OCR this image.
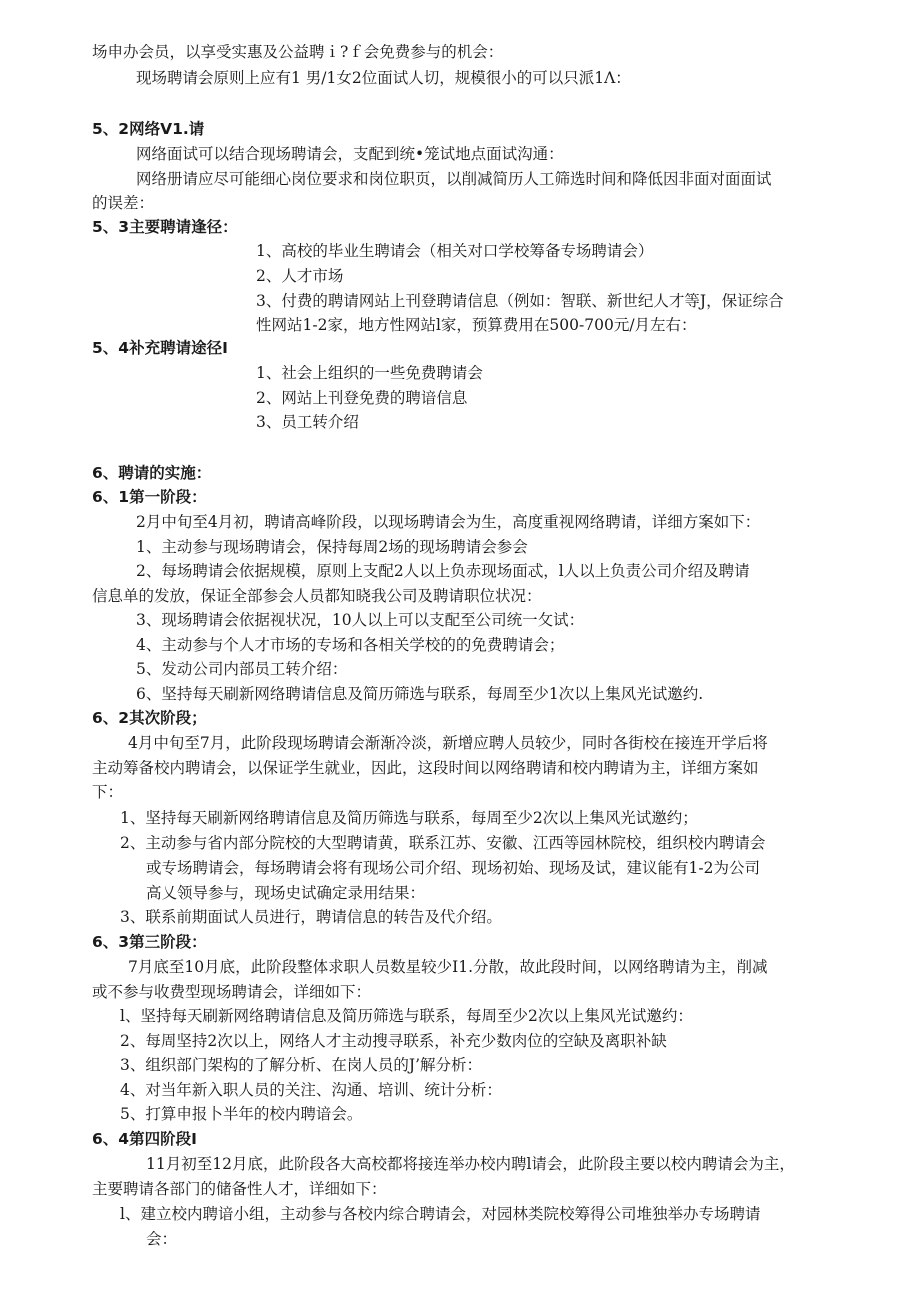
场申办会员，以享受实惠及公益聘ｉ?ｆ会免费参与的机会：

现场聘请会原则上应有1 男/1女2位面试人切，规模很小的可以只派1Λ：

5、2网络V1.请

网络面试可以结合现场聘请会，支配到统•笼试地点面试沟通：

网络册请应尽可能细心岗位要求和岗位职页，以削减简历人工筛选时间和降低因非面对面面试

的误差：

5、3主要聘请逢径：

1、高校的毕业生聘请会（相关对口学校筹备专场聘请会）

2、人才市场

3、付费的聘请网站上刊登聘请信息（例如：智联、新世纪人才等J，保证综合

性网站1-2家，地方性网站l家，预算费用在500-700元/月左右：

5、4补充聘请途径I

1、社会上组织的一些免费聘请会

2、网站上刊登免费的聘谙信息

3、员工转介绍

6、聘请的实施：

6、1第一阶段：

2月中旬至4月初，聘请高峰阶段，以现场聘请会为生，高度重视网络聘请，详细方案如下：

1、主动参与现场聘请会，保持每周2场的现场聘请会参会

2、每场聘请会依据规模，原则上支配2人以上负赤现场面忒，l人以上负责公司介绍及聘请

信息单的发放，保证全部参会人员都知晓我公司及聘请职位状况：

3、现场聘请会依据视状况，10人以上可以支配至公司统一攵试：

4、主动参与个人才市场的专场和各相关学校的的免费聘请会；

5、发动公司内部员工转介绍：

6、坚持每天刷新网络聘请信息及简历筛选与联系，每周至少1次以上集风光试邀约.

6、2其次阶段；

4月中旬至7月，此阶段现场聘请会渐渐冷淡，新增应聘人员较少，同时各街校在接连开学后将

主动筹备校内聘请会，以保证学生就业，因此，这段时间以网络聘请和校内聘请为主，详细方案如

下：

1、坚持每天刷新网络聘请信息及简历筛选与联系，每周至少2次以上集风光试邀约；

2、主动参与省内部分院校的大型聘请黄，联系江苏、安徽、江西等园林院校，组织校内聘请会

或专场聘请会，每场聘请会将有现场公司介绍、现场初始、现场及试，建议能有1-2为公司

高乂领导参与，现场史试确定录用结果：

3、联系前期面试人员进行，聘请信息的转告及代介绍。

6、3第三阶段：

7月底至10月底，此阶段整体求职人员数星较少I1.分散，故此段时间，以网络聘请为主，削减

或不参与收费型现场聘请会，详细如下：

l、坚持每天刷新网络聘请信息及简历筛选与联系，每周至少2次以上集风光试邀约：

2、每周坚持2次以上，网络人才主动搜寻联系，补充少数肉位的空缺及离职补缺

3、组织部门架构的了解分析、在岗人员的J’解分析：

4、对当年新入职人员的关注、沟通、培训、统计分析：

5、打算申报卜半年的校内聘谙会。

6、4第四阶段I

11月初至12月底，此阶段各大高校都将接连举办校内聘l请会，此阶段主要以校内聘请会为主，

主要聘请各部门的储备性人才，详细如下：

l、建立校内聘谙小组，主动参与各校内综合聘请会，对园林类院校筹得公司堆独举办专场聘请

会：
